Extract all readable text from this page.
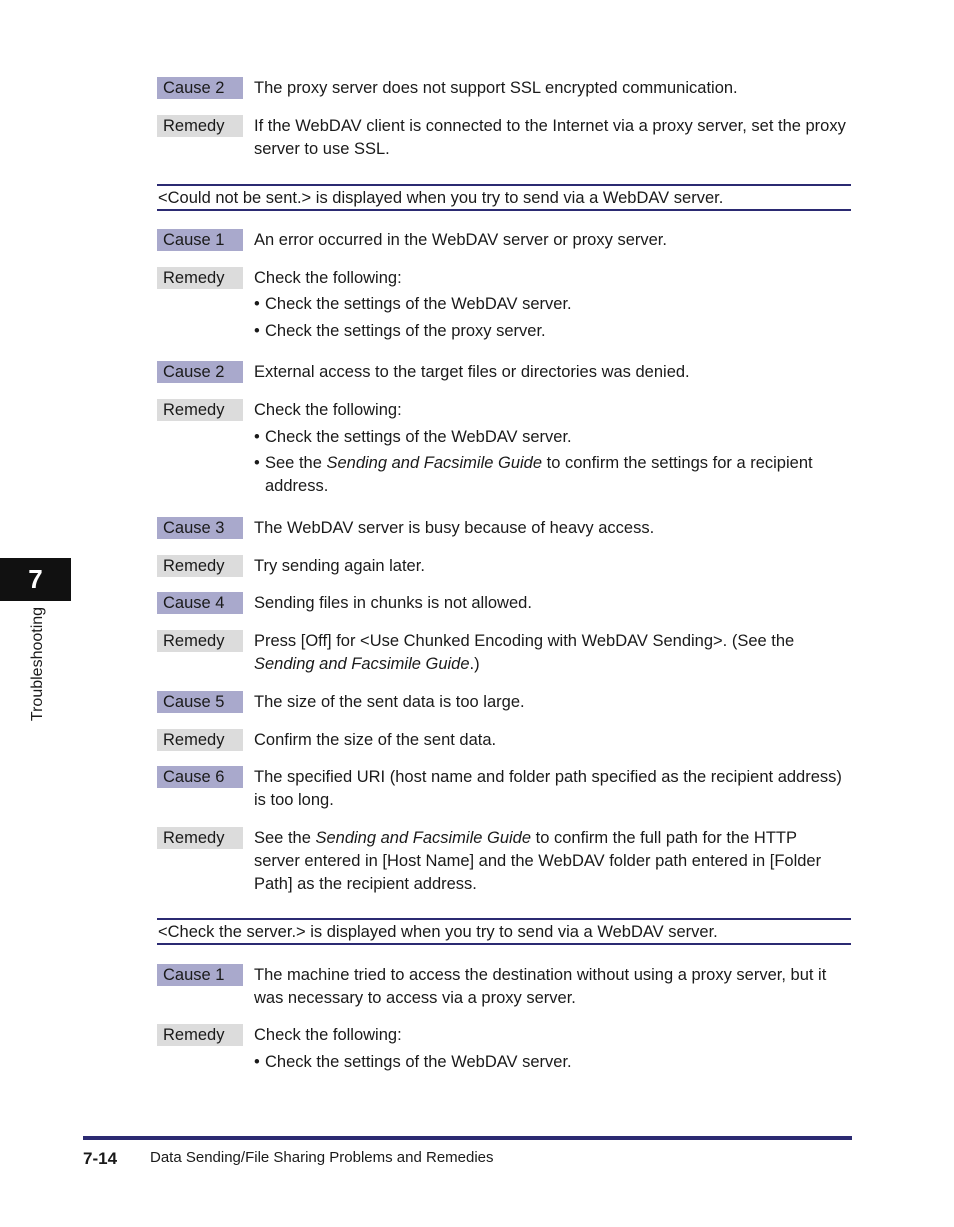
7
Troubleshooting
Cause 2	The proxy server does not support SSL encrypted communication.
Remedy	If the WebDAV client is connected to the Internet via a proxy server, set the proxy server to use SSL.
<Could not be sent.> is displayed when you try to send via a WebDAV server.
Cause 1	An error occurred in the WebDAV server or proxy server.
Remedy	Check the following:
• Check the settings of the WebDAV server.
• Check the settings of the proxy server.
Cause 2	External access to the target files or directories was denied.
Remedy	Check the following:
• Check the settings of the WebDAV server.
• See the Sending and Facsimile Guide to confirm the settings for a recipient address.
Cause 3	The WebDAV server is busy because of heavy access.
Remedy	Try sending again later.
Cause 4	Sending files in chunks is not allowed.
Remedy	Press [Off] for <Use Chunked Encoding with WebDAV Sending>. (See the
Sending and Facsimile Guide.)
Cause 5	The size of the sent data is too large.
Remedy	Confirm the size of the sent data.
Cause 6	The specified URI (host name and folder path specified as the recipient address) is too long.
Remedy	See the Sending and Facsimile Guide to confirm the full path for the HTTP server entered in [Host Name] and the WebDAV folder path entered in [Folder Path] as the recipient address.
<Check the server.> is displayed when you try to send via a WebDAV server.
Cause 1	The machine tried to access the destination without using a proxy server, but it was necessary to access via a proxy server.
Remedy	Check the following:
• Check the settings of the WebDAV server.
7-14 Data Sending/File Sharing Problems and Remedies
